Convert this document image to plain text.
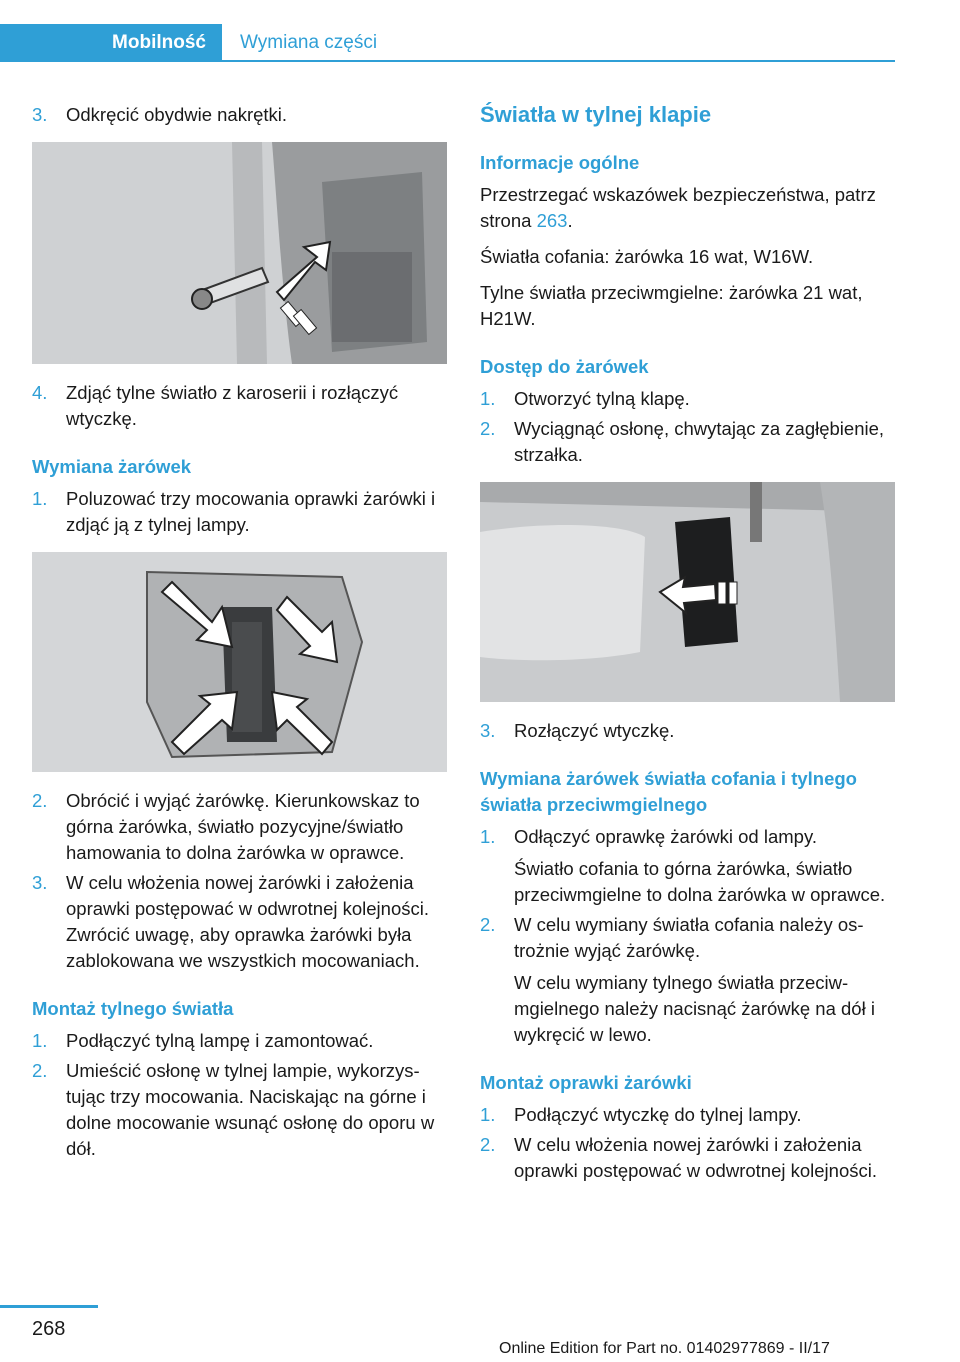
Mobilność	Wymiana części
3. Odkręcić obydwie nakrętki.
4. Zdjąć tylne światło z karoserii i rozłączyć wtyczkę.
Wymiana żarówek
1. Poluzować trzy mocowania oprawki żarówki i zdjąć ją z tylnej lampy.
2. Obrócić i wyjąć żarówkę. Kierunkowskaz to górna żarówka, światło pozycyjne/światło hamowania to dolna żarówka w oprawce.
3. W celu włożenia nowej żarówki i założenia oprawki postępować w odwrotnej kolejności. Zwrócić uwagę, aby oprawka żarówki była zablokowana we wszystkich mocowaniach.
Montaż tylnego światła
1. Podłączyć tylną lampę i zamontować.
2. Umieścić osłonę w tylnej lampie, wykorzystując trzy mocowania. Naciskając na górne i dolne mocowanie wsunąć osłonę do oporu w dół.
Światła w tylnej klapie
Informacje ogólne

Przestrzegać wskazówek bezpieczeństwa, patrz strona 263.

Światła cofania: żarówka 16 wat, W16W.

Tylne światła przeciwmgielne: żarówka 21 wat, H21W.

Dostęp do żarówek
1. Otworzyć tylną klapę.
2. Wyciągnąć osłonę, chwytając za zagłębienie, strzałka.
3. Rozłączyć wtyczkę.
Wymiana żarówek światła cofania i tylnego światła przeciwmgielnego
1. Odłączyć oprawkę żarówki od lampy.
Światło cofania to górna żarówka, światło przeciwmgielne to dolna żarówka w oprawce.
2. W celu wymiany światła cofania należy ostrożnie wyjąć żarówkę.
W celu wymiany tylnego światła przeciwmgielnego należy nacisnąć żarówkę na dół i wykręcić w lewo.
Montaż oprawki żarówki
1. Podłączyć wtyczkę do tylnej lampy.
2. W celu włożenia nowej żarówki i założenia oprawki postępować w odwrotnej kolejności.
268
Online Edition for Part no. 01402977869 - II/17
